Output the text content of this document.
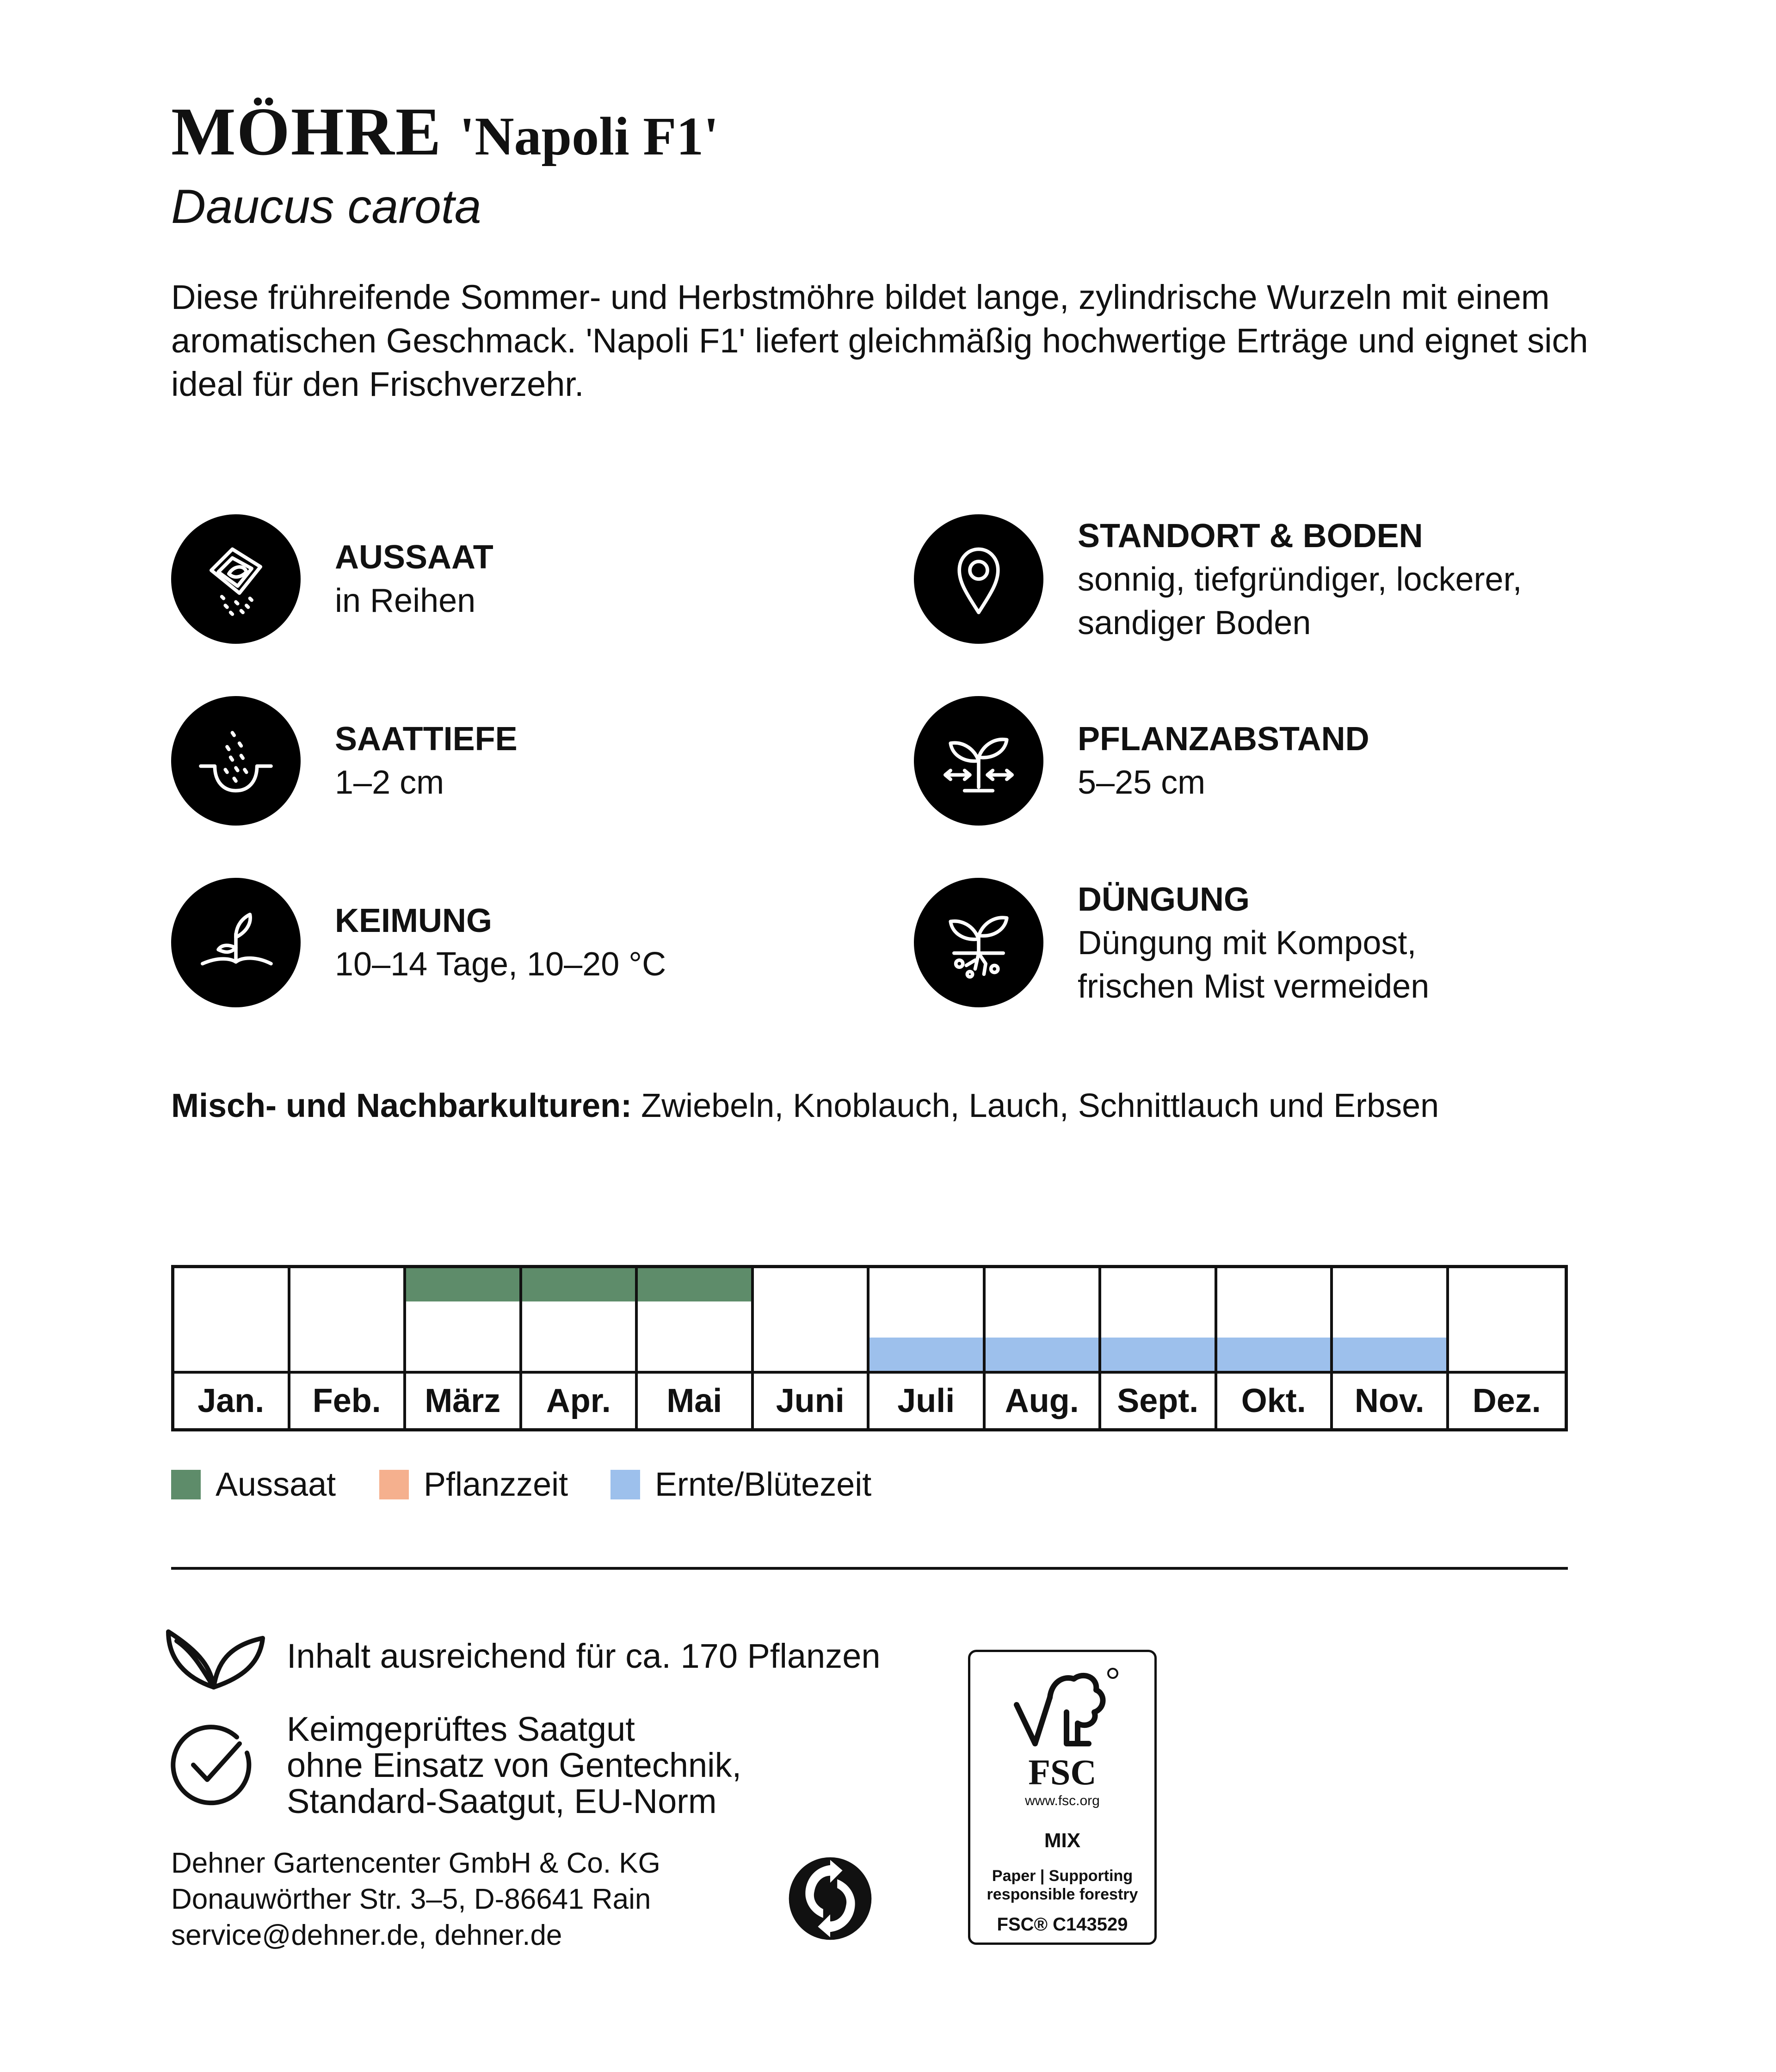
MÖHRE 'Napoli F1'
Daucus carota
Diese frühreifende Sommer- und Herbstmöhre bildet lange, zylindrische Wurzeln mit einem aromatischen Geschmack. 'Napoli F1' liefert gleichmäßig hochwertige Erträge und eignet sich ideal für den Frischverzehr.
AUSSAAT
in Reihen
STANDORT & BODEN
sonnig, tiefgründiger, lockerer,
sandiger Boden
SAATTIEFE
1–2 cm
PFLANZABSTAND
5–25 cm
KEIMUNG
10–14 Tage, 10–20 °C
DÜNGUNG
Düngung mit Kompost,
frischen Mist vermeiden
Misch- und Nachbarkulturen: Zwiebeln, Knoblauch, Lauch, Schnittlauch und Erbsen
Jan.	Feb.	März	Apr.	Mai	Juni	Juli	Aug.	Sept.	Okt.	Nov.	Dez.
Aussaat	Pflanzzeit	Ernte/Blütezeit
Inhalt ausreichend für ca. 170 Pflanzen
Keimgeprüftes Saatgut
ohne Einsatz von Gentechnik,
Standard-Saatgut, EU-Norm
Dehner Gartencenter GmbH & Co. KG
Donauwörther Str. 3–5, D-86641 Rain
service@dehner.de, dehner.de
FSC
www.fsc.org
MIX
Paper | Supporting
responsible forestry
FSC® C143529
